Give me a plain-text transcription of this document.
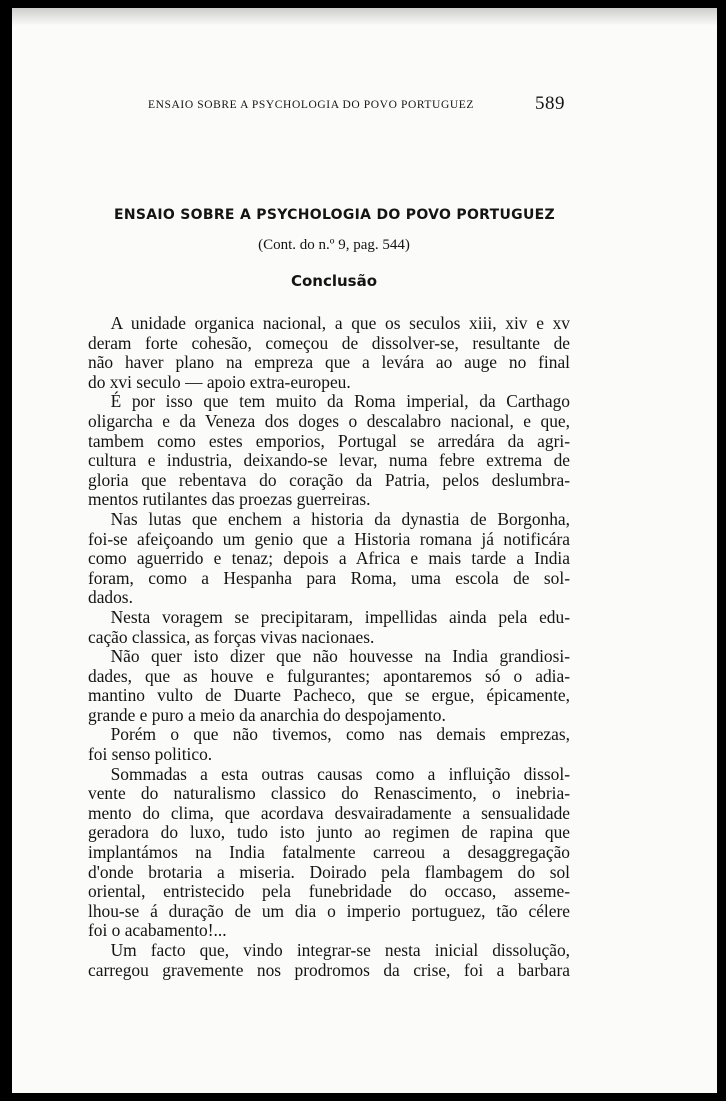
ENSAIO SOBRE A PSYCHOLOGIA DO POVO PORTUGUEZ	589
ENSAIO SOBRE A PSYCHOLOGIA DO POVO PORTUGUEZ
(Cont. do n.º 9, pag. 544)
Conclusão
A unidade organica nacional, a que os seculos xiii, xiv e xv
deram forte cohesão, começou de dissolver-se, resultante de
não haver plano na empreza que a levára ao auge no final
do xvi seculo — apoio extra-europeu.
É por isso que tem muito da Roma imperial, da Carthago
oligarcha e da Veneza dos doges o descalabro nacional, e que,
tambem como estes emporios, Portugal se arredára da agri-
cultura e industria, deixando-se levar, numa febre extrema de
gloria que rebentava do coração da Patria, pelos deslumbra-
mentos rutilantes das proezas guerreiras.
Nas lutas que enchem a historia da dynastia de Borgonha,
foi-se afeiçoando um genio que a Historia romana já notificára
como aguerrido e tenaz; depois a Africa e mais tarde a India
foram, como a Hespanha para Roma, uma escola de sol-
dados.
Nesta voragem se precipitaram, impellidas ainda pela edu-
cação classica, as forças vivas nacionaes.
Não quer isto dizer que não houvesse na India grandiosi-
dades, que as houve e fulgurantes; apontaremos só o adia-
mantino vulto de Duarte Pacheco, que se ergue, épicamente,
grande e puro a meio da anarchia do despojamento.
Porém o que não tivemos, como nas demais emprezas,
foi senso politico.
Sommadas a esta outras causas como a influição dissol-
vente do naturalismo classico do Renascimento, o inebria-
mento do clima, que acordava desvairadamente a sensualidade
geradora do luxo, tudo isto junto ao regimen de rapina que
implantámos na India fatalmente carreou a desaggregação
d'onde brotaria a miseria. Doirado pela flambagem do sol
oriental, entristecido pela funebridade do occaso, asseme-
lhou-se á duração de um dia o imperio portuguez, tão célere
foi o acabamento!...
Um facto que, vindo integrar-se nesta inicial dissolução,
carregou gravemente nos prodromos da crise, foi a barbara
